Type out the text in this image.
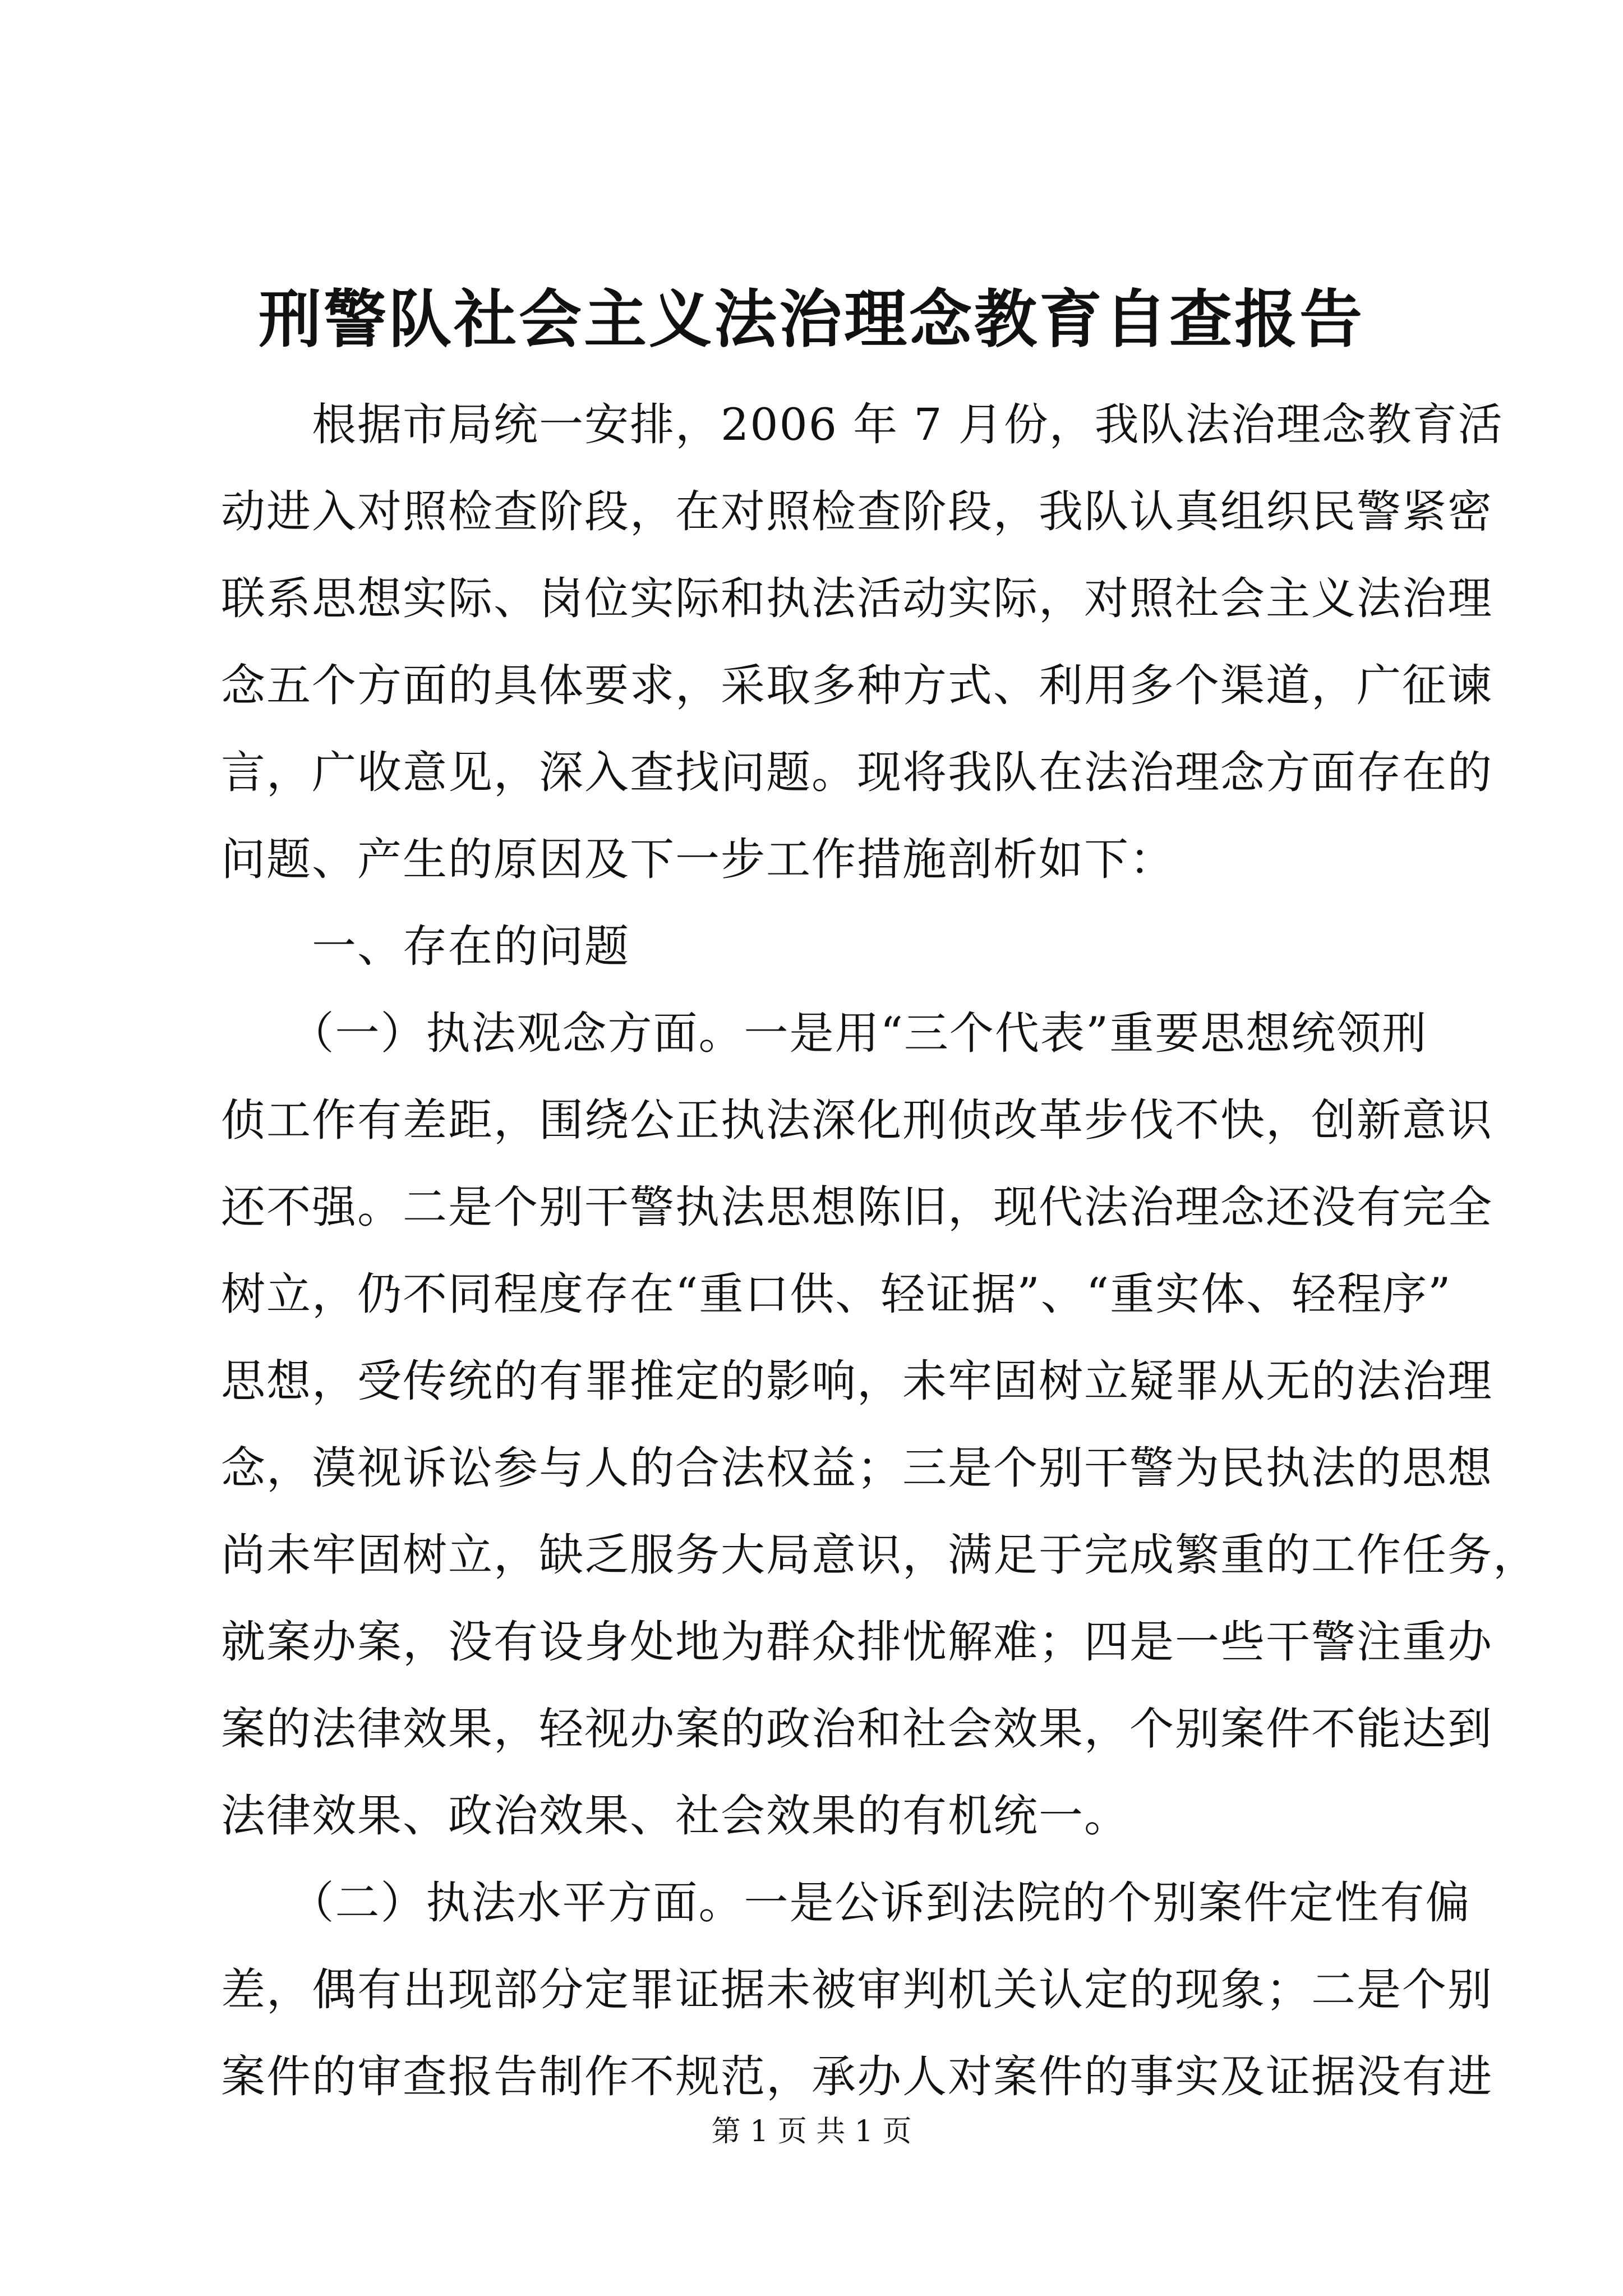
刑警队社会主义法治理念教育自查报告
　　根据市局统一安排，2006 年 7 月份，我队法治理念教育活
动进入对照检查阶段，在对照检查阶段，我队认真组织民警紧密
联系思想实际、岗位实际和执法活动实际，对照社会主义法治理
念五个方面的具体要求，采取多种方式、利用多个渠道，广征谏
言，广收意见，深入查找问题。现将我队在法治理念方面存在的
问题、产生的原因及下一步工作措施剖析如下：
　　一、存在的问题
　　（一）执法观念方面。一是用“三个代表”重要思想统领刑
侦工作有差距，围绕公正执法深化刑侦改革步伐不快，创新意识
还不强。二是个别干警执法思想陈旧，现代法治理念还没有完全
树立，仍不同程度存在“重口供、轻证据”、“重实体、轻程序”
思想，受传统的有罪推定的影响，未牢固树立疑罪从无的法治理
念，漠视诉讼参与人的合法权益；三是个别干警为民执法的思想
尚未牢固树立，缺乏服务大局意识，满足于完成繁重的工作任务，
就案办案，没有设身处地为群众排忧解难；四是一些干警注重办
案的法律效果，轻视办案的政治和社会效果，个别案件不能达到
法律效果、政治效果、社会效果的有机统一。
　　（二）执法水平方面。一是公诉到法院的个别案件定性有偏
差，偶有出现部分定罪证据未被审判机关认定的现象；二是个别
案件的审查报告制作不规范，承办人对案件的事实及证据没有进
第 1 页 共 1 页
